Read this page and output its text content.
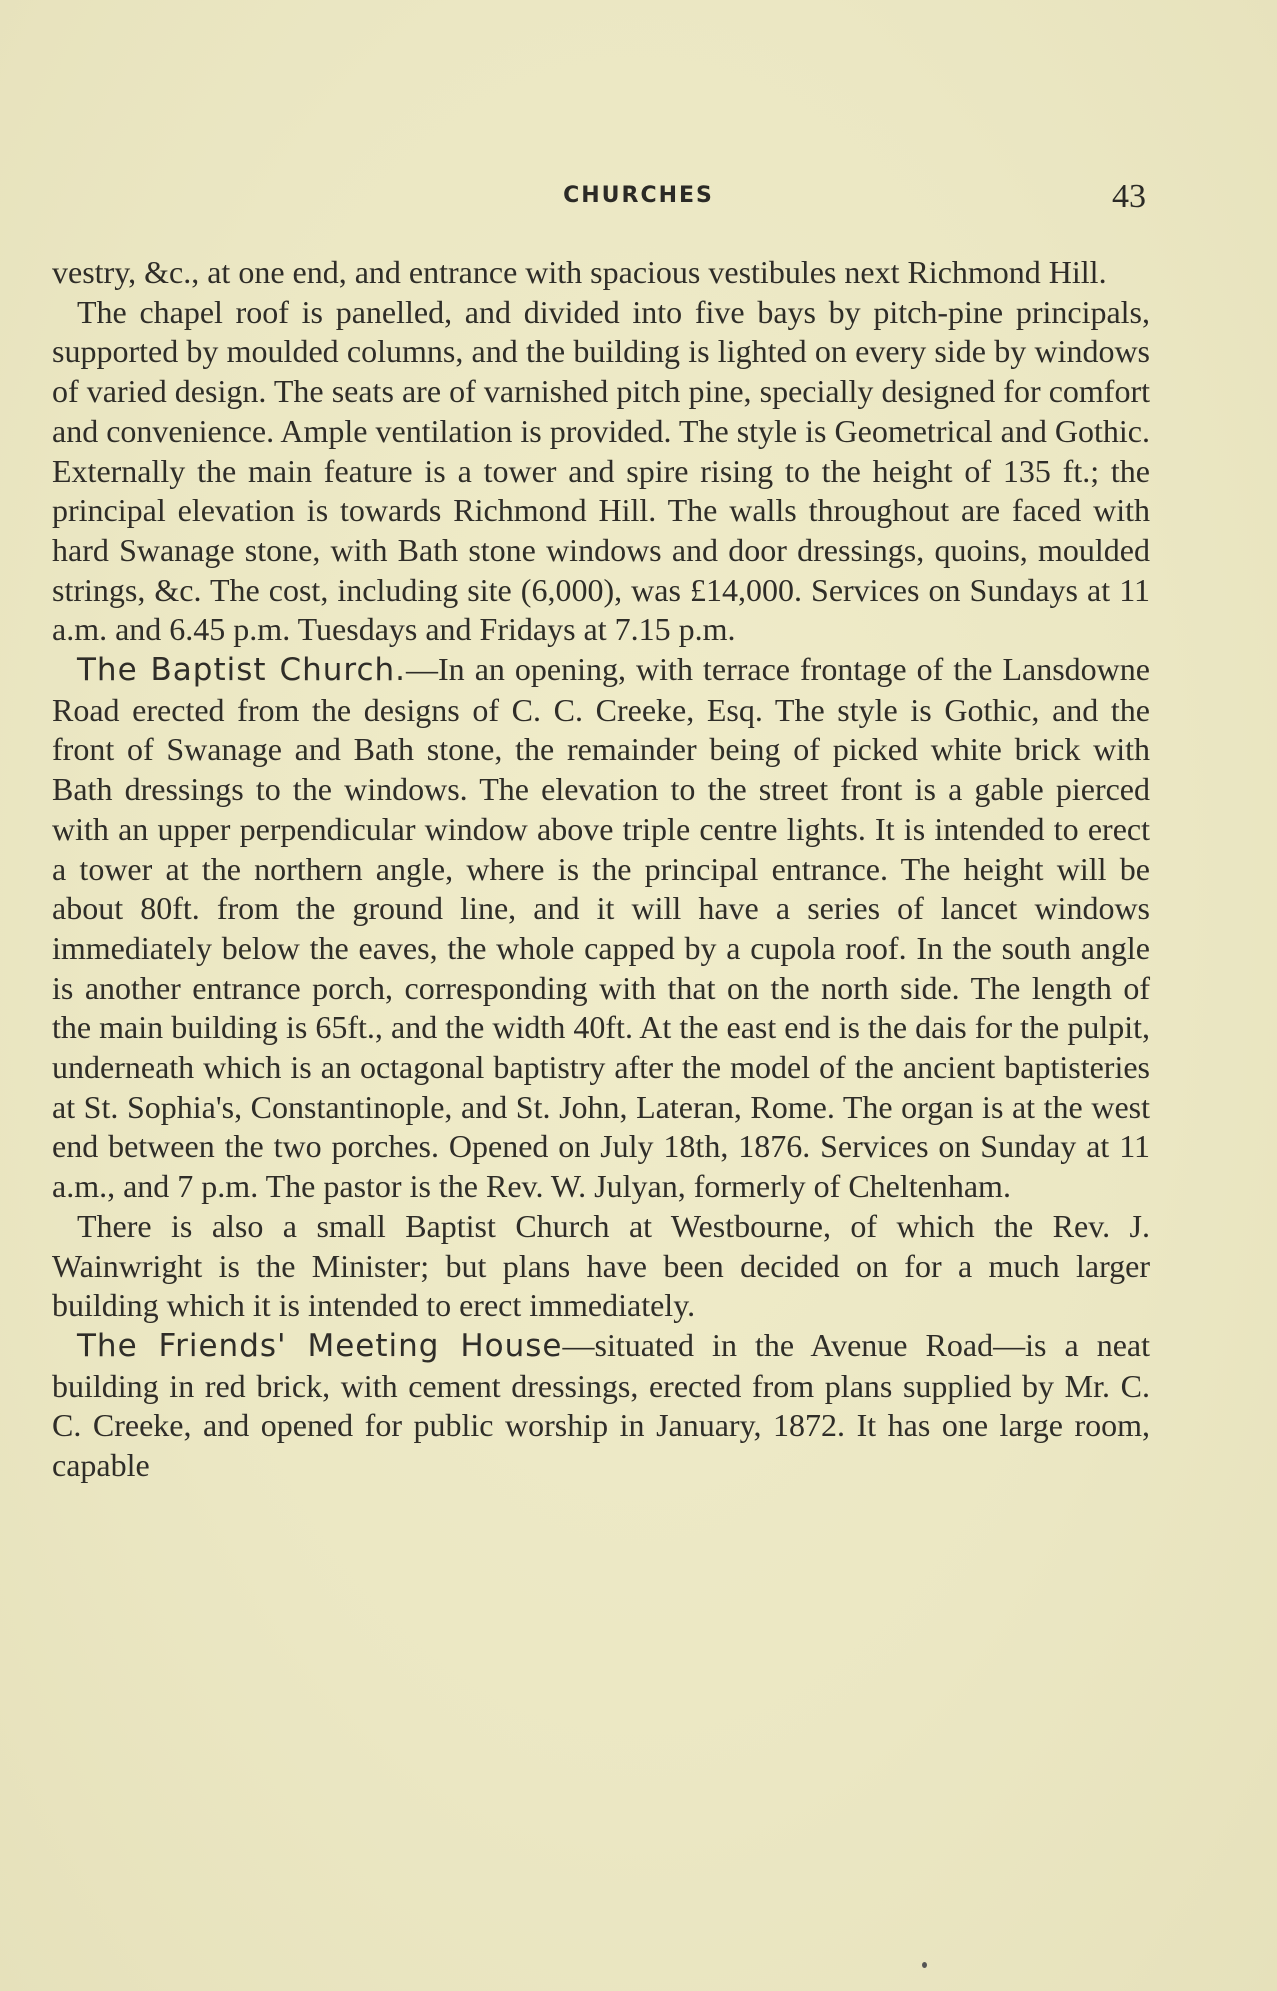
CHURCHES	43

vestry, &c., at one end, and entrance with spacious vestibules next Richmond Hill.

The chapel roof is panelled, and divided into five bays by pitch-pine principals, supported by moulded columns, and the building is lighted on every side by windows of varied design. The seats are of varnished pitch pine, specially designed for comfort and convenience. Ample ventilation is provided. The style is Geometrical and Gothic. Externally the main feature is a tower and spire rising to the height of 135 ft.; the principal elevation is towards Richmond Hill. The walls throughout are faced with hard Swanage stone, with Bath stone windows and door dressings, quoins, moulded strings, &c. The cost, including site (6,000), was £14,000. Services on Sundays at 11 a.m. and 6.45 p.m. Tuesdays and Fridays at 7.15 p.m.

The Baptist Church.—In an opening, with terrace frontage of the Lansdowne Road erected from the designs of C. C. Creeke, Esq. The style is Gothic, and the front of Swanage and Bath stone, the remainder being of picked white brick with Bath dressings to the windows. The elevation to the street front is a gable pierced with an upper perpendicular window above triple centre lights. It is intended to erect a tower at the northern angle, where is the principal entrance. The height will be about 80ft. from the ground line, and it will have a series of lancet windows immediately below the eaves, the whole capped by a cupola roof. In the south angle is another entrance porch, corresponding with that on the north side. The length of the main building is 65ft., and the width 40ft. At the east end is the dais for the pulpit, underneath which is an octagonal baptistry after the model of the ancient baptisteries at St. Sophia's, Constantinople, and St. John, Lateran, Rome. The organ is at the west end between the two porches. Opened on July 18th, 1876. Services on Sunday at 11 a.m., and 7 p.m. The pastor is the Rev. W. Julyan, formerly of Cheltenham.

There is also a small Baptist Church at Westbourne, of which the Rev. J. Wainwright is the Minister; but plans have been decided on for a much larger building which it is intended to erect immediately.

The Friends' Meeting House—situated in the Avenue Road—is a neat building in red brick, with cement dressings, erected from plans supplied by Mr. C. C. Creeke, and opened for public worship in January, 1872. It has one large room, capable
